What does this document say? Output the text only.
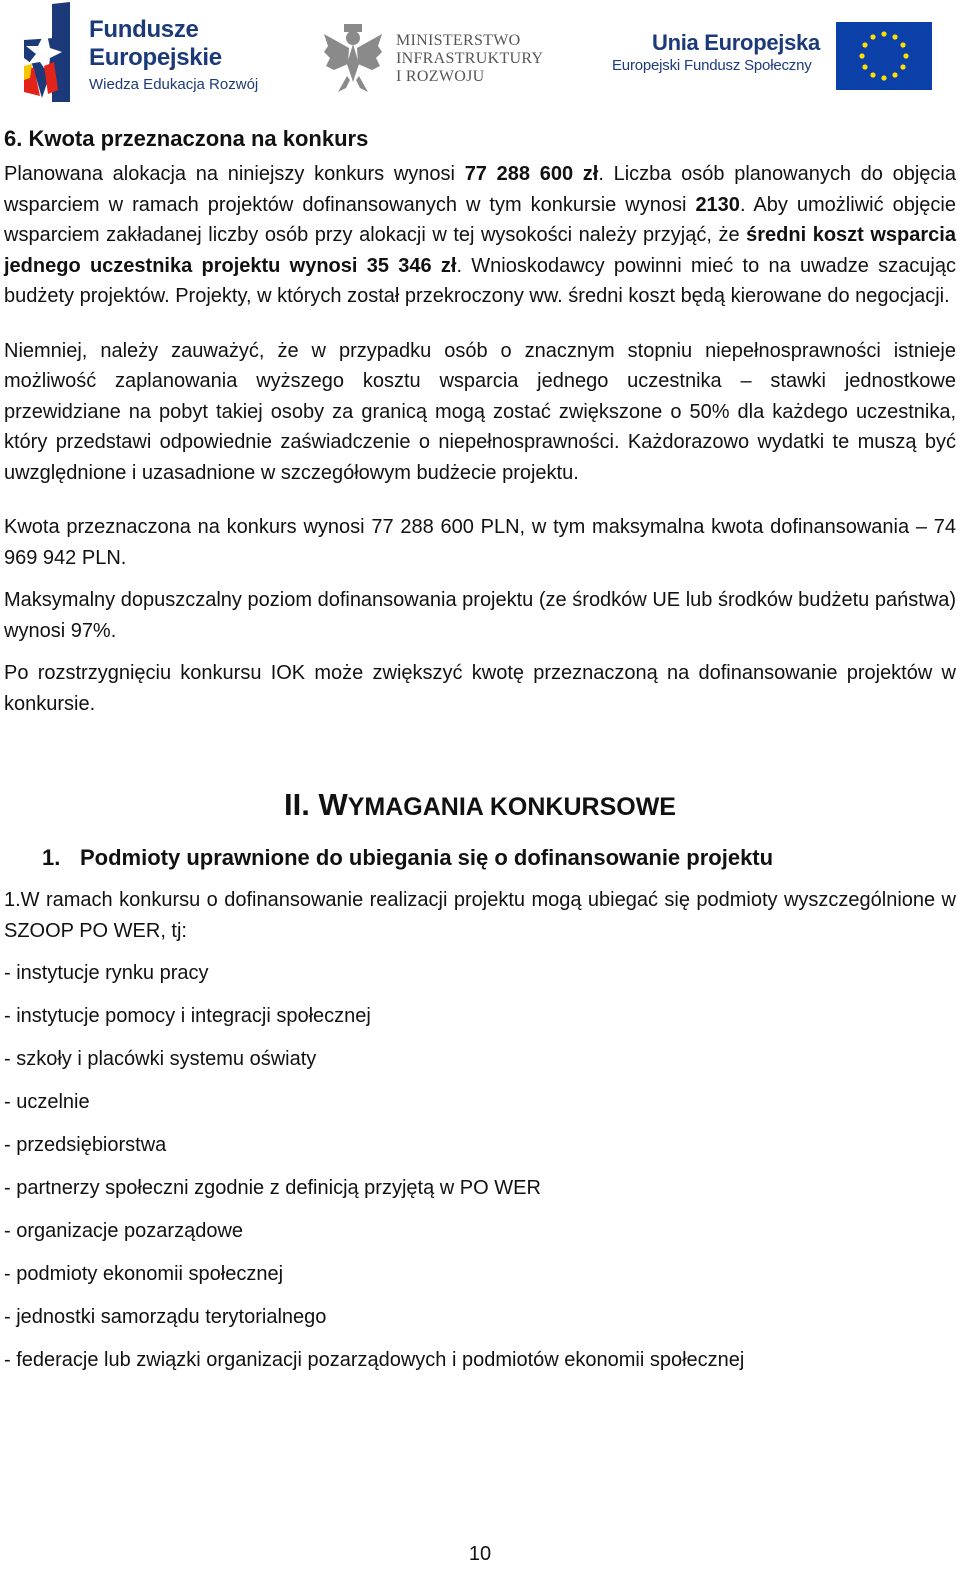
Fundusze
Europejskie
Wiedza Edukacja Rozwój
MINISTERSTWO
INFRASTRUKTURY
I ROZWOJU
Unia Europejska
Europejski Fundusz Społeczny
6. Kwota przeznaczona na konkurs

Planowana alokacja na niniejszy konkurs wynosi 77 288 600 zł. Liczba osób planowanych do objęcia wsparciem w ramach projektów dofinansowanych w tym konkursie wynosi 2130. Aby umożliwić objęcie wsparciem zakładanej liczby osób przy alokacji w tej wysokości należy przyjąć, że średni koszt wsparcia jednego uczestnika projektu wynosi 35 346 zł. Wnioskodawcy powinni mieć to na uwadze szacując budżety projektów. Projekty, w których został przekroczony ww. średni koszt będą kierowane do negocjacji.

Niemniej, należy zauważyć, że w przypadku osób o znacznym stopniu niepełnosprawności istnieje możliwość zaplanowania wyższego kosztu wsparcia jednego uczestnika – stawki jednostkowe przewidziane na pobyt takiej osoby za granicą mogą zostać zwiększone o 50% dla każdego uczestnika, który przedstawi odpowiednie zaświadczenie o niepełnosprawności. Każdorazowo wydatki te muszą być uwzględnione i uzasadnione w szczegółowym budżecie projektu.

Kwota przeznaczona na konkurs wynosi 77 288 600 PLN, w tym maksymalna kwota dofinansowania – 74 969 942 PLN.

Maksymalny dopuszczalny poziom dofinansowania projektu (ze środków UE lub środków budżetu państwa) wynosi 97%.

Po rozstrzygnięciu konkursu IOK może zwiększyć kwotę przeznaczoną na dofinansowanie projektów w konkursie.

II. WYMAGANIA KONKURSOWE
1. Podmioty uprawnione do ubiegania się o dofinansowanie projektu

1.W ramach konkursu o dofinansowanie realizacji projektu mogą ubiegać się podmioty wyszczególnione w SZOOP PO WER, tj:

- instytucje rynku pracy
- instytucje pomocy i integracji społecznej
- szkoły i placówki systemu oświaty
- uczelnie
- przedsiębiorstwa
- partnerzy społeczni zgodnie z definicją przyjętą w PO WER
- organizacje pozarządowe
- podmioty ekonomii społecznej
- jednostki samorządu terytorialnego
- federacje lub związki organizacji pozarządowych i podmiotów ekonomii społecznej
10
